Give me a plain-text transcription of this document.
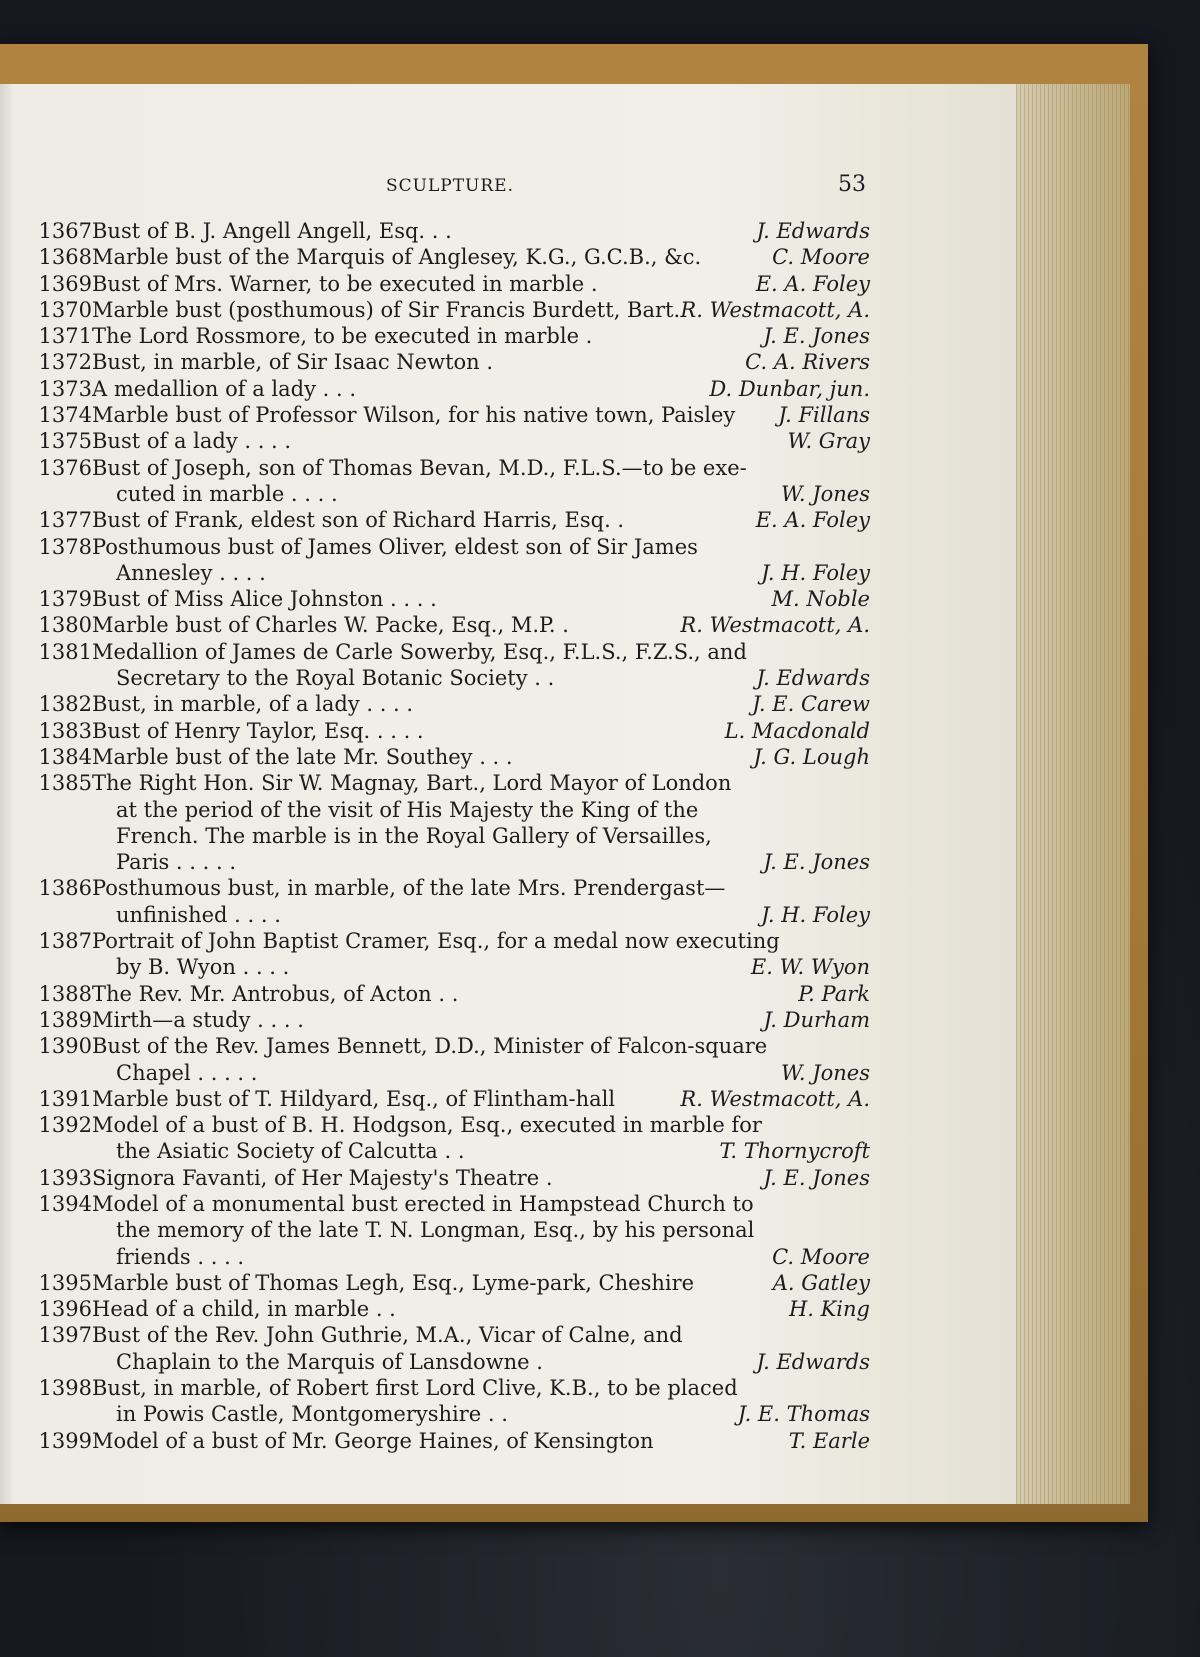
SCULPTURE.	53
1367 Bust of B. J. Angell Angell, Esq. . .	J. Edwards
1368 Marble bust of the Marquis of Anglesey, K.G., G.C.B., &c.	C. Moore
1369 Bust of Mrs. Warner, to be executed in marble .	E. A. Foley
1370 Marble bust (posthumous) of Sir Francis Burdett, Bart. R. Westmacott, A.
1371 The Lord Rossmore, to be executed in marble .	J. E. Jones
1372 Bust, in marble, of Sir Isaac Newton .	C. A. Rivers
1373 A medallion of a lady . . .	D. Dunbar, jun.
1374 Marble bust of Professor Wilson, for his native town, Paisley J. Fillans
1375 Bust of a lady . . . .	W. Gray
1376 Bust of Joseph, son of Thomas Bevan, M.D., F.L.S.—to be exe-
cuted in marble . . . .	W. Jones
1377 Bust of Frank, eldest son of Richard Harris, Esq. .	E. A. Foley
1378 Posthumous bust of James Oliver, eldest son of Sir James
Annesley . . . .	J. H. Foley
1379 Bust of Miss Alice Johnston . . . .	M. Noble
1380 Marble bust of Charles W. Packe, Esq., M.P. .	R. Westmacott, A.
1381 Medallion of James de Carle Sowerby, Esq., F.L.S., F.Z.S., and
Secretary to the Royal Botanic Society . .	J. Edwards
1382 Bust, in marble, of a lady . . . .	J. E. Carew
1383 Bust of Henry Taylor, Esq. . . . .	L. Macdonald
1384 Marble bust of the late Mr. Southey . . .	J. G. Lough
1385 The Right Hon. Sir W. Magnay, Bart., Lord Mayor of London
at the period of the visit of His Majesty the King of the
French. The marble is in the Royal Gallery of Versailles,
Paris . . . . .	J. E. Jones
1386 Posthumous bust, in marble, of the late Mrs. Prendergast—
unfinished . . . .	J. H. Foley
1387 Portrait of John Baptist Cramer, Esq., for a medal now executing
by B. Wyon . . . .	E. W. Wyon
1388 The Rev. Mr. Antrobus, of Acton . .	P. Park
1389 Mirth—a study . . . .	J. Durham
1390 Bust of the Rev. James Bennett, D.D., Minister of Falcon-square
Chapel . . . . .	W. Jones
1391 Marble bust of T. Hildyard, Esq., of Flintham-hall	R. Westmacott, A.
1392 Model of a bust of B. H. Hodgson, Esq., executed in marble for
the Asiatic Society of Calcutta . .	T. Thornycroft
1393 Signora Favanti, of Her Majesty's Theatre .	J. E. Jones
1394 Model of a monumental bust erected in Hampstead Church to
the memory of the late T. N. Longman, Esq., by his personal
friends . . . .	C. Moore
1395 Marble bust of Thomas Legh, Esq., Lyme-park, Cheshire	A. Gatley
1396 Head of a child, in marble . .	H. King
1397 Bust of the Rev. John Guthrie, M.A., Vicar of Calne, and
Chaplain to the Marquis of Lansdowne .	J. Edwards
1398 Bust, in marble, of Robert first Lord Clive, K.B., to be placed
in Powis Castle, Montgomeryshire . .	J. E. Thomas
1399 Model of a bust of Mr. George Haines, of Kensington	T. Earle
